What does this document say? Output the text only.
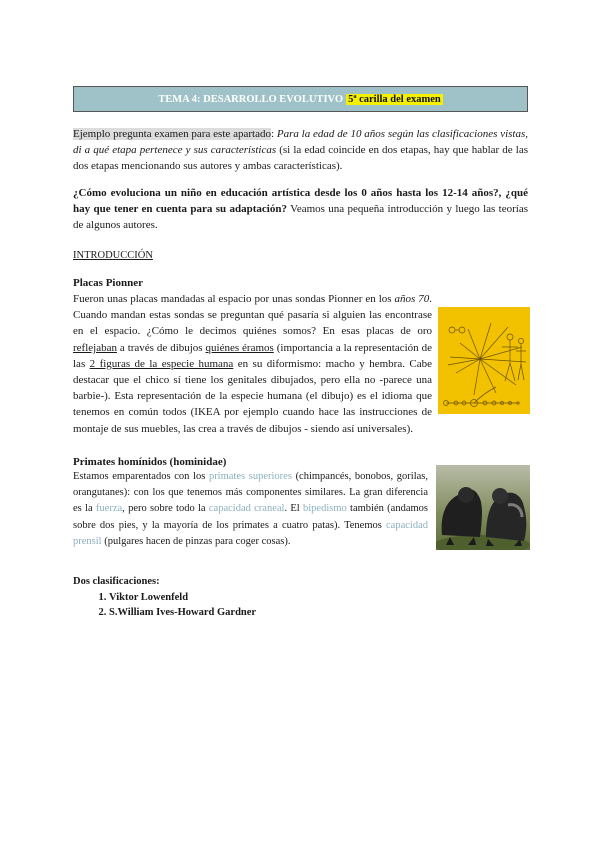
TEMA 4: DESARROLLO EVOLUTIVO 5ª carilla del examen

Ejemplo pregunta examen para este apartado: Para la edad de 10 años según las clasificaciones vistas, di a qué etapa pertenece y sus características (si la edad coincide en dos etapas, hay que hablar de las dos etapas mencionando sus autores y ambas características).

¿Cómo evoluciona un niño en educación artística desde los 0 años hasta los 12-14 años?, ¿qué hay que tener en cuenta para su adaptación? Veamos una pequeña introducción y luego las teorías de algunos autores.

INTRODUCCIÓN

Placas Pionner

Fueron unas placas mandadas al espacio por unas sondas Pionner en los años 70. Cuando mandan estas sondas se preguntan qué pasaría si alguien las encontrase en el espacio. ¿Cómo le decimos quiénes somos? En esas placas de oro reflejaban a través de dibujos quiénes éramos (importancia a la representación de las 2 figuras de la especie humana en su diformismo: macho y hembra. Cabe destacar que el chico sí tiene los genitales dibujados, pero ella no -parece una barbie-). Esta representación de la especie humana (el dibujo) es el idioma que tenemos en común todos (IKEA por ejemplo cuando hace las instrucciones de montaje de sus muebles, las crea a través de dibujos - siendo así universales).

Primates homínidos (hominidae)

Estamos emparentados con los primates superiores (chimpancés, bonobos, gorilas, orangutanes): con los que tenemos más componentes similares. La gran diferencia es la fuerza, pero sobre todo la capacidad craneal. El bipedismo también (andamos sobre dos pies, y la mayoría de los primates a cuatro patas). Tenemos capacidad prensil (pulgares hacen de pinzas para coger cosas).

Dos clasificaciones:

1. Viktor Lowenfeld
2. S.William Ives-Howard Gardner
